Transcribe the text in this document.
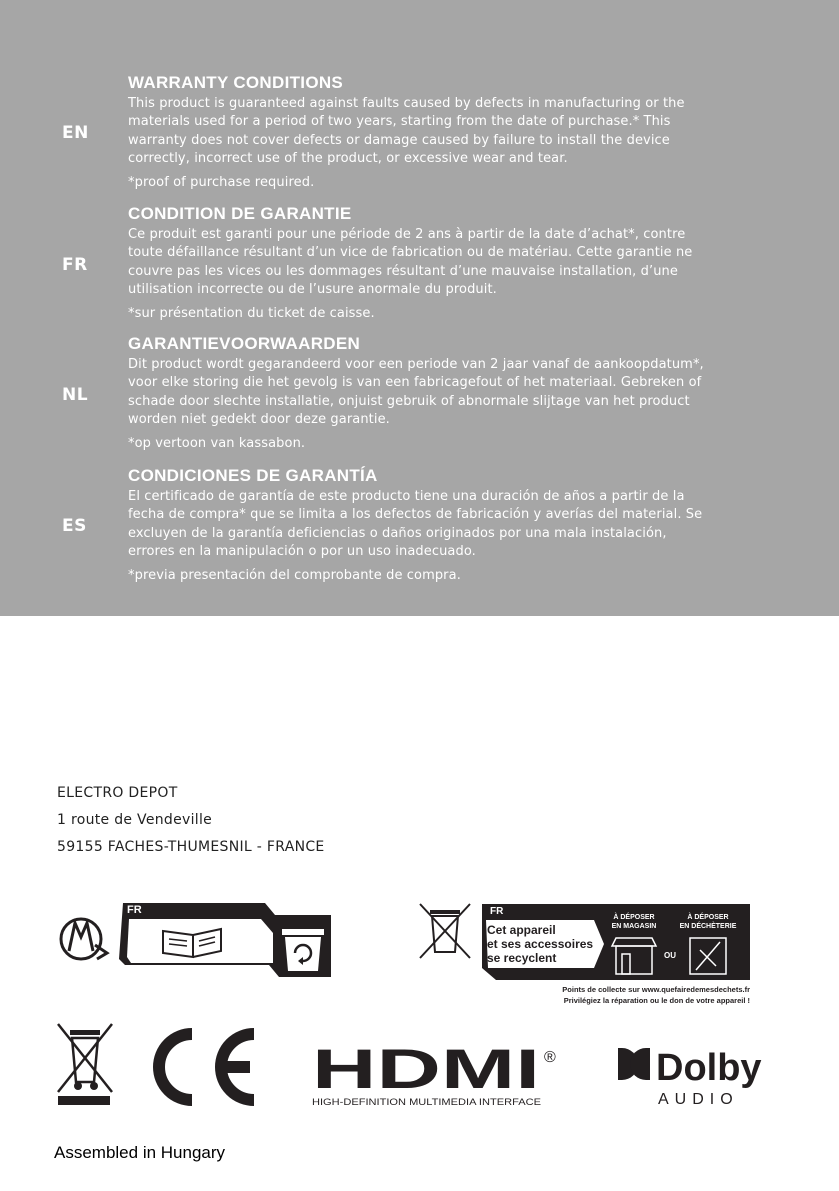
EN
WARRANTY CONDITIONS

This product is guaranteed against faults caused by defects in manufacturing or the materials used for a period of two years, starting from the date of purchase.* This warranty does not cover defects or damage caused by failure to install the device correctly, incorrect use of the product, or excessive wear and tear.

*proof of purchase required.

FR
CONDITION DE GARANTIE

Ce produit est garanti pour une période de 2 ans à partir de la date d’achat*, contre toute défaillance résultant d’un vice de fabrication ou de matériau. Cette garantie ne couvre pas les vices ou les dommages résultant d’une mauvaise installation, d’une utilisation incorrecte ou de l’usure anormale du produit.

*sur présentation du ticket de caisse.

NL
GARANTIEVOORWAARDEN

Dit product wordt gegarandeerd voor een periode van 2 jaar vanaf de aankoopdatum*, voor elke storing die het gevolg is van een fabricagefout of het materiaal. Gebreken of schade door slechte installatie, onjuist gebruik of abnormale slijtage van het product worden niet gedekt door deze garantie.

*op vertoon van kassabon.

ES
CONDICIONES DE GARANTÍA

El certificado de garantía de este producto tiene una duración de años a partir de la fecha de compra* que se limita a los defectos de fabricación y averías del material. Se excluyen de la garantía deficiencias o daños originados por una mala instalación, errores en la manipulación o por un uso inadecuado.

*previa presentación del comprobante de compra.

ELECTRO DEPOT
1 route de Vendeville
59155 FACHES-THUMESNIL - FRANCE
FR	FR
Cet appareil
et ses accessoires
se recyclent
À DÉPOSER
EN MAGASIN
À DÉPOSER
EN DÉCHÈTERIE
OU
Points de collecte sur www.quefairedemesdechets.fr
Privilégiez la réparation ou le don de votre appareil !
HDMI ®
HIGH-DEFINITION MULTIMEDIA INTERFACE
Dolby
AUDIO
Assembled in Hungary
